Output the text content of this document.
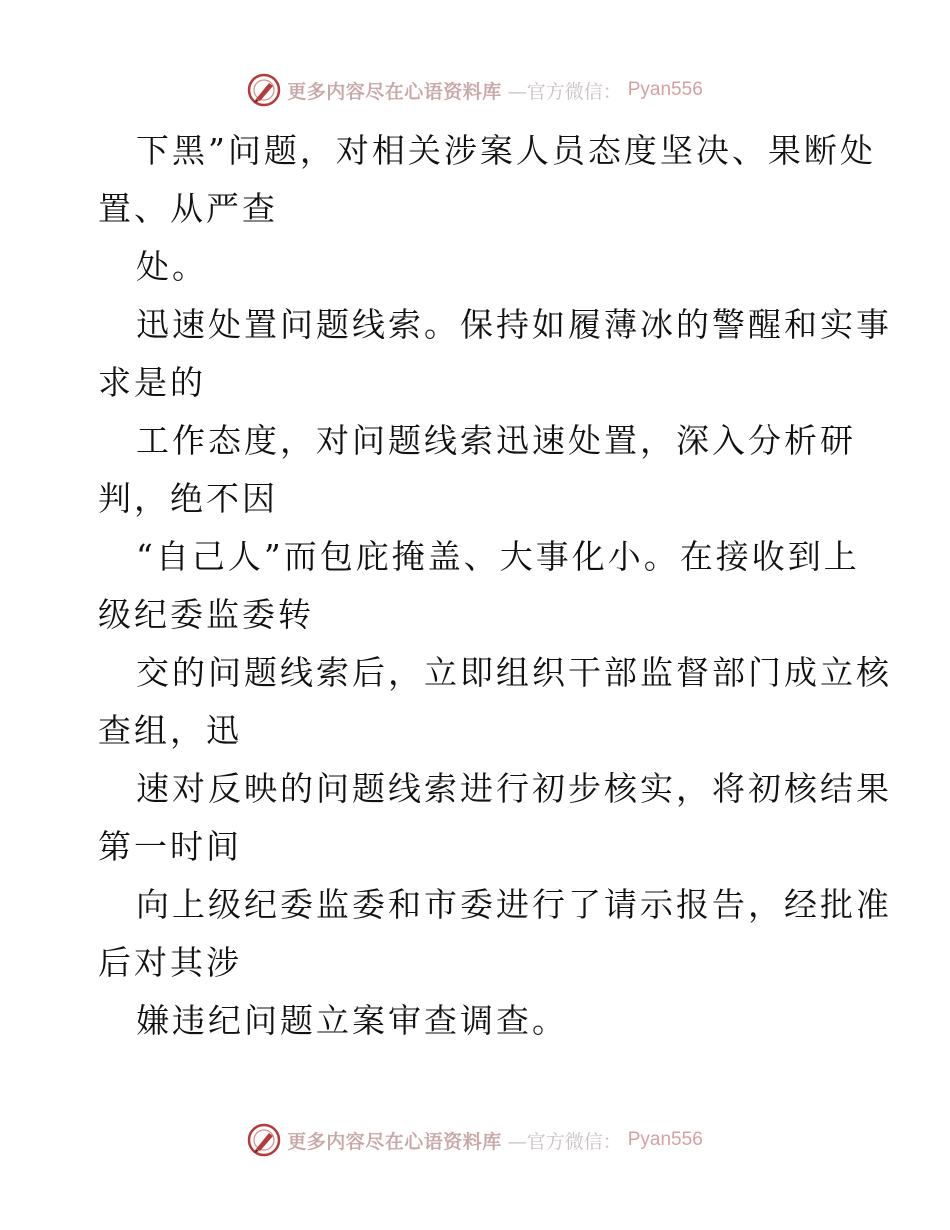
更多内容尽在心语资料库 —官方微信： Pyan556

下黑”问题，对相关涉案人员态度坚决、果断处

置、从严查

处。

迅速处置问题线索。保持如履薄冰的警醒和实事

求是的

工作态度，对问题线索迅速处置，深入分析研

判，绝不因

“自己人”而包庇掩盖、大事化小。在接收到上

级纪委监委转

交的问题线索后，立即组织干部监督部门成立核

查组，迅

速对反映的问题线索进行初步核实，将初核结果

第一时间

向上级纪委监委和市委进行了请示报告，经批准

后对其涉

嫌违纪问题立案审查调查。

更多内容尽在心语资料库 —官方微信： Pyan556
